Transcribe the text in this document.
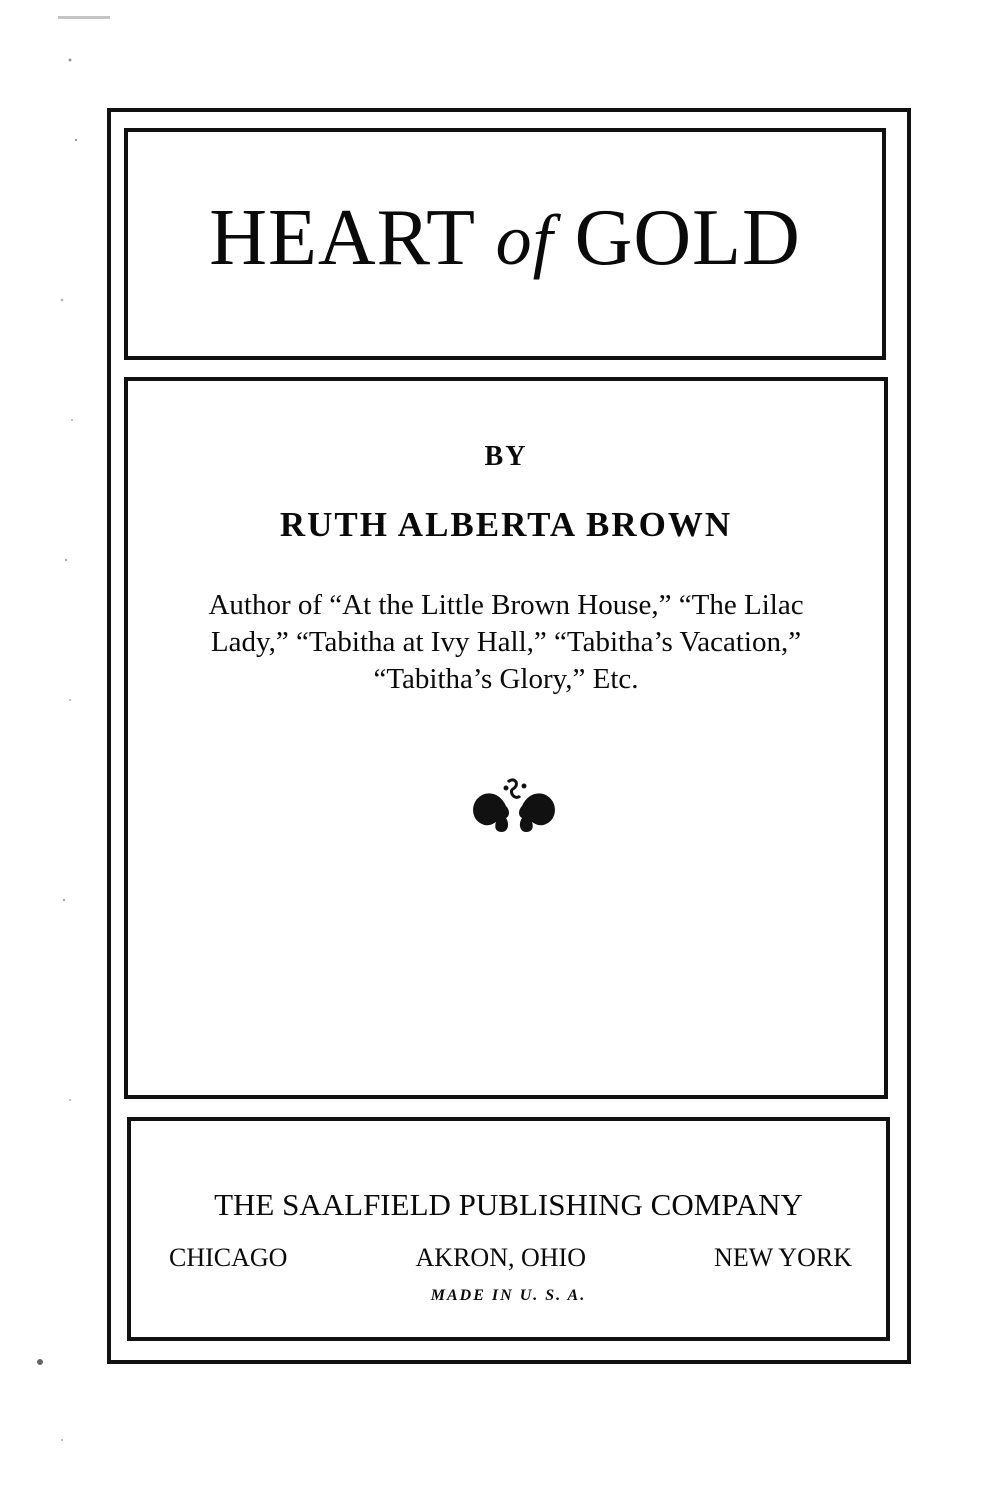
HEART of GOLD
BY
RUTH ALBERTA BROWN
Author of “At the Little Brown House,” “The Lilac Lady,” “Tabitha at Ivy Hall,” “Tabitha’s Vacation,” “Tabitha’s Glory,” Etc.
THE SAALFIELD PUBLISHING COMPANY
CHICAGO	AKRON, OHIO	NEW YORK
MADE IN U. S. A.
